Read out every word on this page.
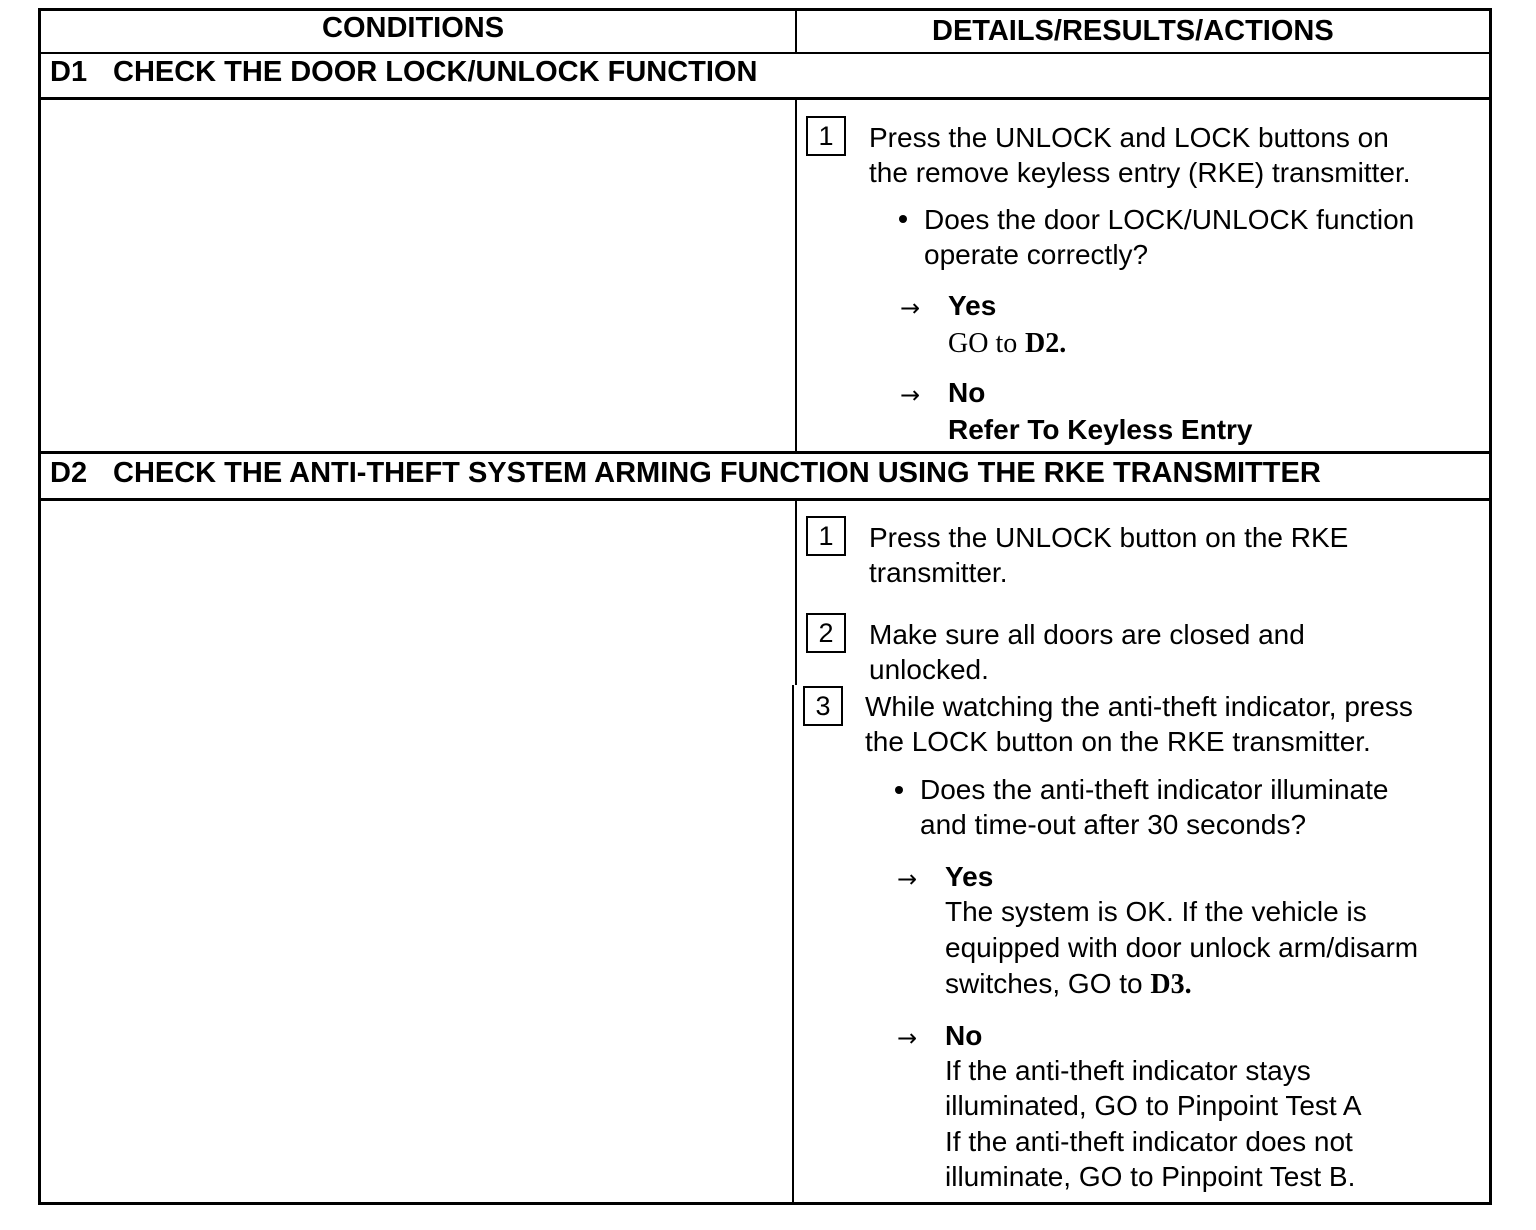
CONDITIONS	DETAILS/RESULTS/ACTIONS
D1 CHECK THE DOOR LOCK/UNLOCK FUNCTION
1	Press the UNLOCK and LOCK buttons on
the remove keyless entry (RKE) transmitter.
Does the door LOCK/UNLOCK function
operate correctly?
→ Yes
GO to D2.
→ No
Refer To Keyless Entry
D2 CHECK THE ANTI-THEFT SYSTEM ARMING FUNCTION USING THE RKE TRANSMITTER
1	Press the UNLOCK button on the RKE
transmitter.
2	Make sure all doors are closed and
unlocked.
3	While watching the anti-theft indicator, press
the LOCK button on the RKE transmitter.
Does the anti-theft indicator illuminate
and time-out after 30 seconds?
→ Yes
The system is OK. If the vehicle is
equipped with door unlock arm/disarm
switches, GO to D3.
→ No
If the anti-theft indicator stays
illuminated, GO to Pinpoint Test A
If the anti-theft indicator does not
illuminate, GO to Pinpoint Test B.
